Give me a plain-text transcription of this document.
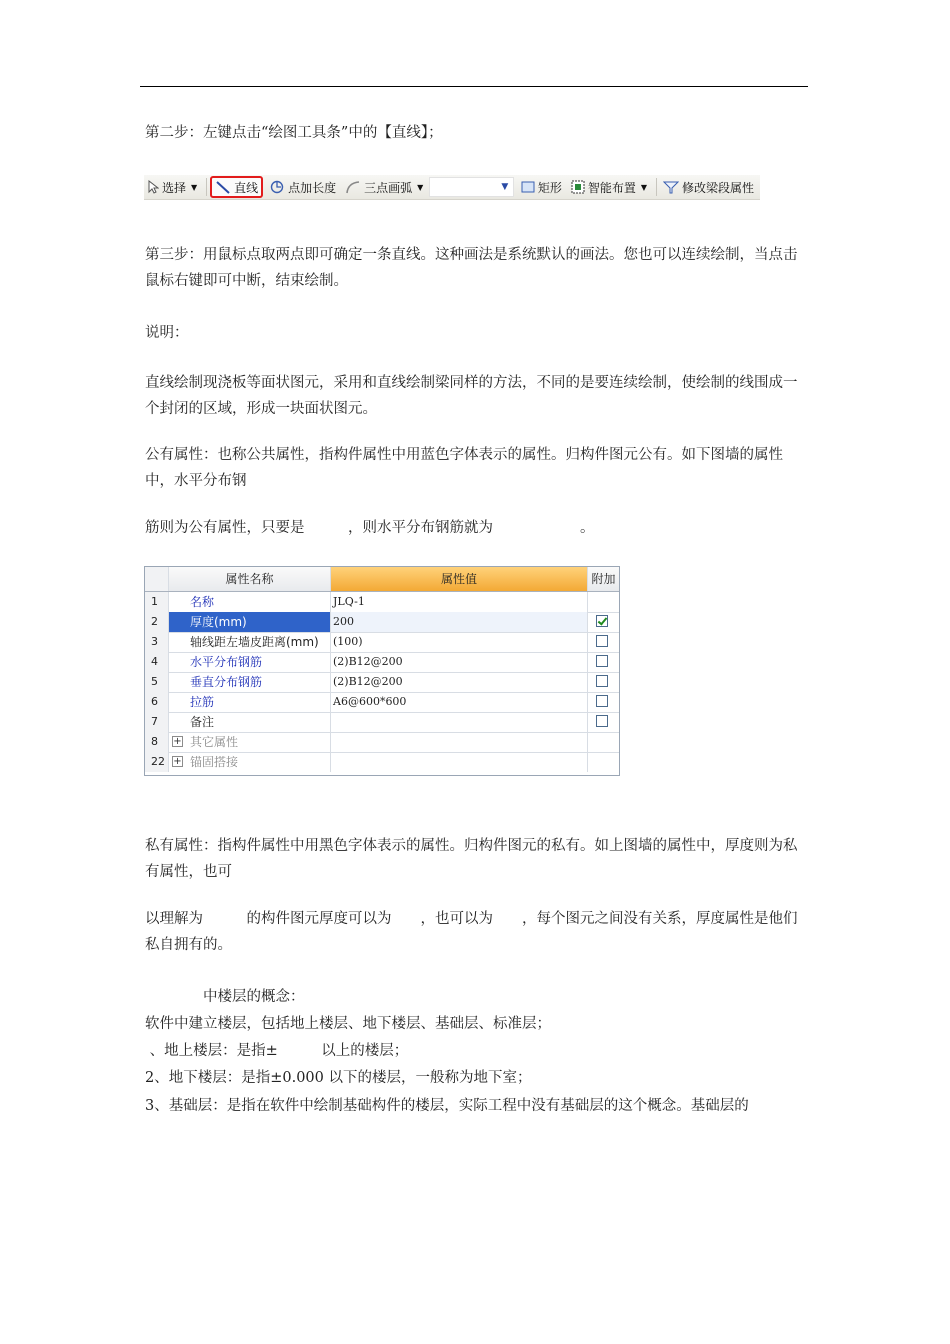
第二步：左键点击“绘图工具条”中的【直线】；
选择 ▼	直线	点加长度 三点画弧 ▼	▼ 矩形 智能布置 ▼	修改梁段属性
第三步：用鼠标点取两点即可确定一条直线。这种画法是系统默认的画法。您也可以连续绘制，当点击鼠标右键即可中断，结束绘制。
说明：
直线绘制现浇板等面状图元，采用和直线绘制梁同样的方法，不同的是要连续绘制，使绘制的线围成一个封闭的区域，形成一块面状图元。
公有属性：也称公共属性，指构件属性中用蓝色字体表示的属性。归构件图元公有。如下图墙的属性中，水平分布钢
筋则为公有属性，只要是　　　，则水平分布钢筋就为　　　　　　。
属性名称	属性值	附加
1	名称	JLQ-1
2	厚度(mm)	200
3	轴线距左墙皮距离(mm)	(100)
4	水平分布钢筋	(2)B12@200
5	垂直分布钢筋	(2)B12@200
6	拉筋	A6@600*600
7	备注
8	+ 其它属性
22 + 锚固搭接
私有属性：指构件属性中用黑色字体表示的属性。归构件图元的私有。如上图墙的属性中，厚度则为私有属性，也可
以理解为　　　的构件图元厚度可以为　　，也可以为　　，每个图元之间没有关系，厚度属性是他们私自拥有的。
　　　　中楼层的概念：
软件中建立楼层，包括地上楼层、地下楼层、基础层、标准层；
、地上楼层：是指±　　　以上的楼层；
2、地下楼层：是指±0.000 以下的楼层，一般称为地下室；
3、基础层：是指在软件中绘制基础构件的楼层，实际工程中没有基础层的这个概念。基础层的
